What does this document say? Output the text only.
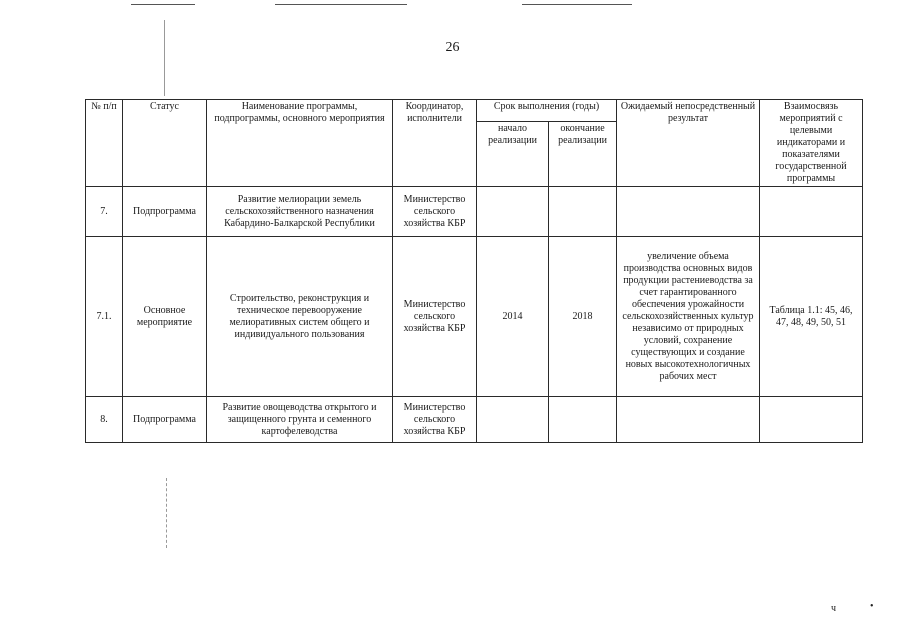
26
№ п/п	Статус	Наименование программы, подпрограммы, основного мероприятия	Координатор, исполнители	Срок выполнения (годы)		Ожидаемый непосредственный результат	Взаимосвязь мероприятий с целевыми индикаторами и показателями государственной программы
				начало реализации	окончание реализации		
7.	Подпрограмма	Развитие мелиорации земель сельскохозяйственного назначения Кабардино-Балкарской Республики	Министерство сельского хозяйства КБР				
7.1.	Основное мероприятие	Строительство, реконструкция и техническое перевооружение мелиоративных систем общего и индивидуального пользования	Министерство сельского хозяйства КБР	2014	2018	увеличение объема производства основных видов продукции растениеводства за счет гарантированного обеспечения урожайности сельскохозяйственных культур независимо от природных условий, сохранение существующих и создание новых высокотехнологичных рабочих мест	Таблица 1.1: 45, 46, 47, 48, 49, 50, 51
8.	Подпрограмма	Развитие овощеводства открытого и защищенного грунта и семенного картофелеводства	Министерство сельского хозяйства КБР				
ч	•
